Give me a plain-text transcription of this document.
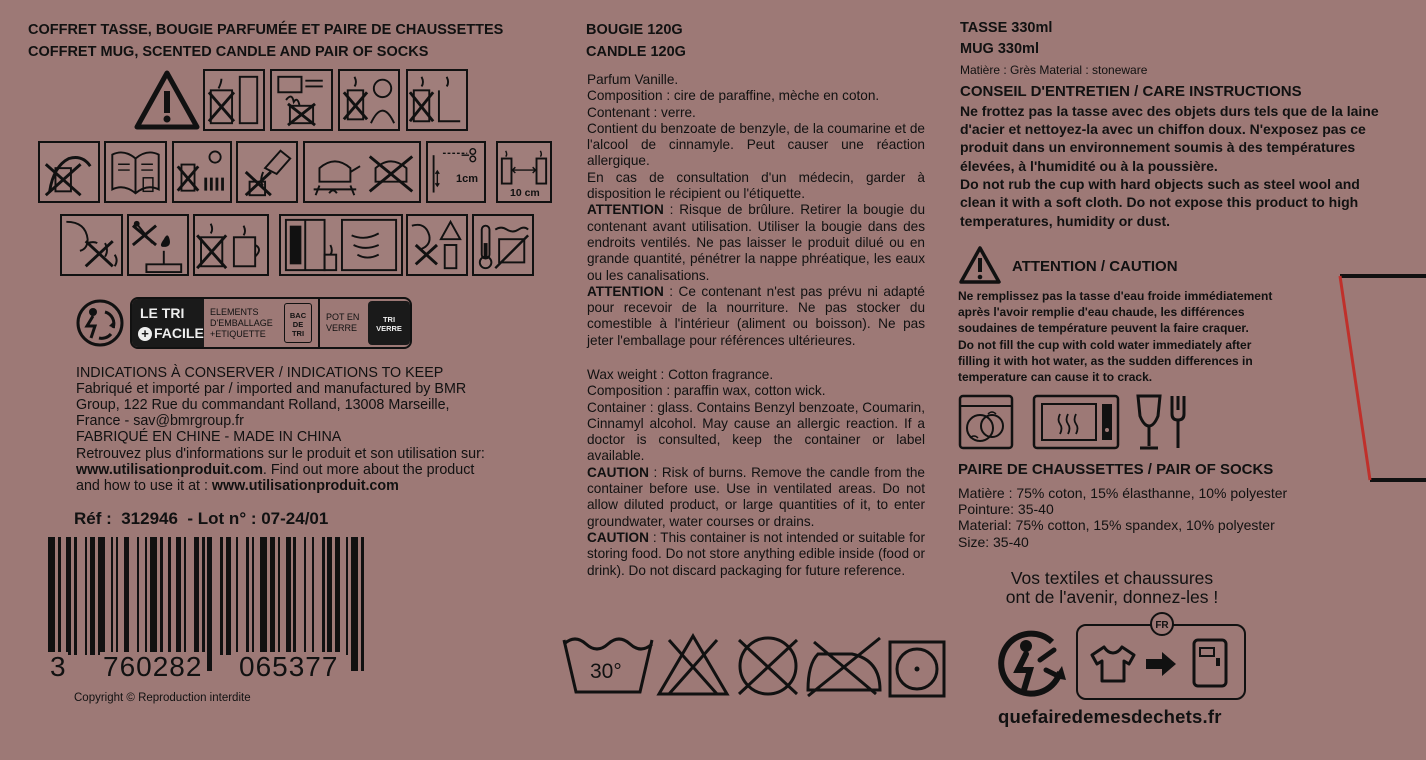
COFFRET TASSE, BOUGIE PARFUMÉE ET PAIRE DE CHAUSSETTES
COFFRET MUG, SCENTED CANDLE AND PAIR OF SOCKS
1cm
10 cm
LE TRI
+ FACILE
ELEMENTS
D'EMBALLAGE
+ETIQUETTE
BAC
DE
TRI
POT EN
VERRE
TRI
VERRE
INDICATIONS À CONSERVER / INDICATIONS TO KEEP
Fabriqué et importé par / imported and manufactured by BMR
Group, 122 Rue du commandant Rolland, 13008 Marseille,
France - sav@bmrgroup.fr
FABRIQUÉ EN CHINE - MADE IN CHINA
Retrouvez plus d'informations sur le produit et son utilisation sur:
www.utilisationproduit.com. Find out more about the product
and how to use it at : www.utilisationproduit.com
Réf :  312946  - Lot n° : 07-24/01
3 760282 065377
Copyright © Reproduction interdite
BOUGIE 120G
CANDLE 120G

Parfum Vanille.

Composition : cire de paraffine, mèche en coton.

Contenant : verre.

Contient du benzoate de benzyle, de la coumarine et de l'alcool de cinnamyle. Peut causer une réaction allergique.

En cas de consultation d'un médecin, garder à disposition le récipient ou l'étiquette.

ATTENTION : Risque de brûlure. Retirer la bougie du contenant avant utilisation. Utiliser la bougie dans des endroits ventilés. Ne pas laisser le produit dilué ou en grande quantité, pénétrer la nappe phréatique, les eaux ou les canalisations.

ATTENTION : Ce contenant n'est pas prévu ni adapté pour recevoir de la nourriture. Ne pas stocker du comestible à l'intérieur (aliment ou boisson). Ne pas jeter l'emballage pour références ultérieures.

Wax weight : Cotton fragrance.

Composition : paraffin wax, cotton wick.

Container : glass. Contains Benzyl benzoate, Coumarin, Cinnamyl alcohol. May cause an allergic reaction. If a doctor is consulted, keep the container or label available.

CAUTION : Risk of burns. Remove the candle from the container before use. Use in ventilated areas. Do not allow diluted product, or large quantities of it, to enter groundwater, water courses or drains.

CAUTION : This container is not intended or suitable for storing food. Do not store anything edible inside (food or drink). Do not discard packaging for future reference.

30°
TASSE 330ml
MUG 330ml
Matière : Grès Material : stoneware
CONSEIL D'ENTRETIEN / CARE INSTRUCTIONS
Ne frottez pas la tasse avec des objets durs tels que de la laine
d'acier et nettoyez-la avec un chiffon doux. N'exposez pas ce
produit dans un environnement soumis à des températures
élevées, à l'humidité ou à la poussière.
Do not rub the cup with hard objects such as steel wool and
clean it with a soft cloth. Do not expose this product to high
temperatures, humidity or dust.
ATTENTION / CAUTION
Ne remplissez pas la tasse d'eau froide immédiatement
après l'avoir remplie d'eau chaude, les différences
soudaines de température peuvent la faire craquer.
Do not fill the cup with cold water immediately after
filling it with hot water, as the sudden differences in
temperature can cause it to crack.
PAIRE DE CHAUSSETTES / PAIR OF SOCKS
Matière : 75% coton, 15% élasthanne, 10% polyester
Pointure: 35-40
Material: 75% cotton, 15% spandex, 10% polyester
Size: 35-40
Vos textiles et chaussures
ont de l'avenir, donnez-les !
FR
quefairedemesdechets.fr
